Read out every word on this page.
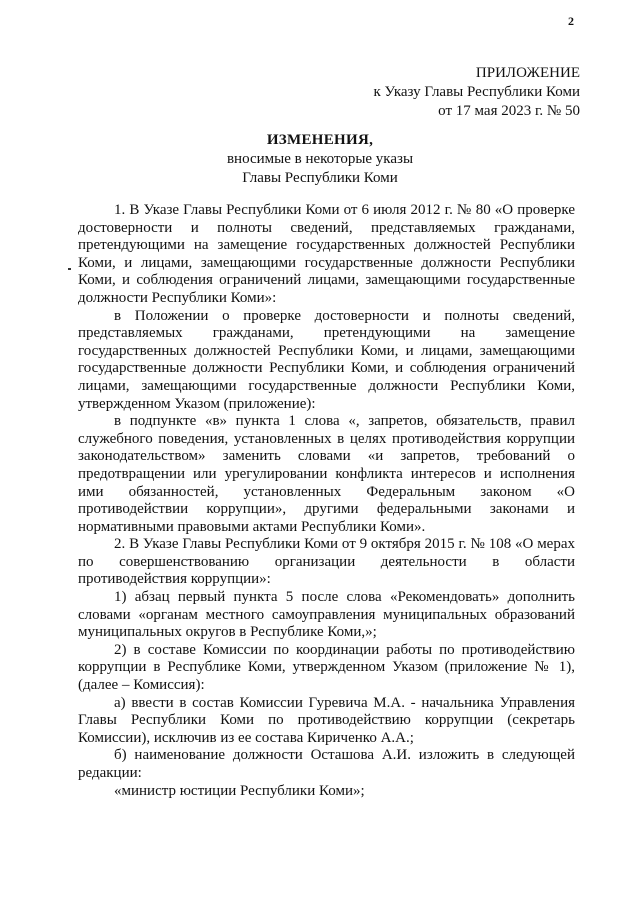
2
ПРИЛОЖЕНИЕ
к Указу Главы Республики Коми
от 17 мая 2023 г. № 50
ИЗМЕНЕНИЯ,
вносимые в некоторые указы
Главы Республики Коми

1. В Указе Главы Республики Коми от 6 июля 2012 г. № 80 «О проверке достоверности и полноты сведений, представляемых гражданами, претендующими на замещение государственных должностей Республики Коми, и лицами, замещающими государственные должности Республики Коми, и соблюдения ограничений лицами, замещающими государственные должности Республики Коми»:

в Положении о проверке достоверности и полноты сведений, представляемых гражданами, претендующими на замещение государственных должностей Республики Коми, и лицами, замещающими государственные должности Республики Коми, и соблюдения ограничений лицами, замещающими государственные должности Республики Коми, утвержденном Указом (приложение):

в подпункте «в» пункта 1 слова «, запретов, обязательств, правил служебного поведения, установленных в целях противодействия коррупции законодательством» заменить словами «и запретов, требований о предотвращении или урегулировании конфликта интересов и исполнения ими обязанностей, установленных Федеральным законом «О противодействии коррупции», другими федеральными законами и нормативными правовыми актами Республики Коми».

2. В Указе Главы Республики Коми от 9 октября 2015 г. № 108 «О мерах по совершенствованию организации деятельности в области противодействия коррупции»:

1) абзац первый пункта 5 после слова «Рекомендовать» дополнить словами «органам местного самоуправления муниципальных образований муниципальных округов в Республике Коми,»;

2) в составе Комиссии по координации работы по противодействию коррупции в Республике Коми, утвержденном Указом (приложение № 1), (далее – Комиссия):

а) ввести в состав Комиссии Гуревича М.А. - начальника Управления Главы Республики Коми по противодействию коррупции (секретарь Комиссии), исключив из ее состава Кириченко А.А.;

б) наименование должности Осташова А.И. изложить в следующей редакции:

«министр юстиции Республики Коми»;
